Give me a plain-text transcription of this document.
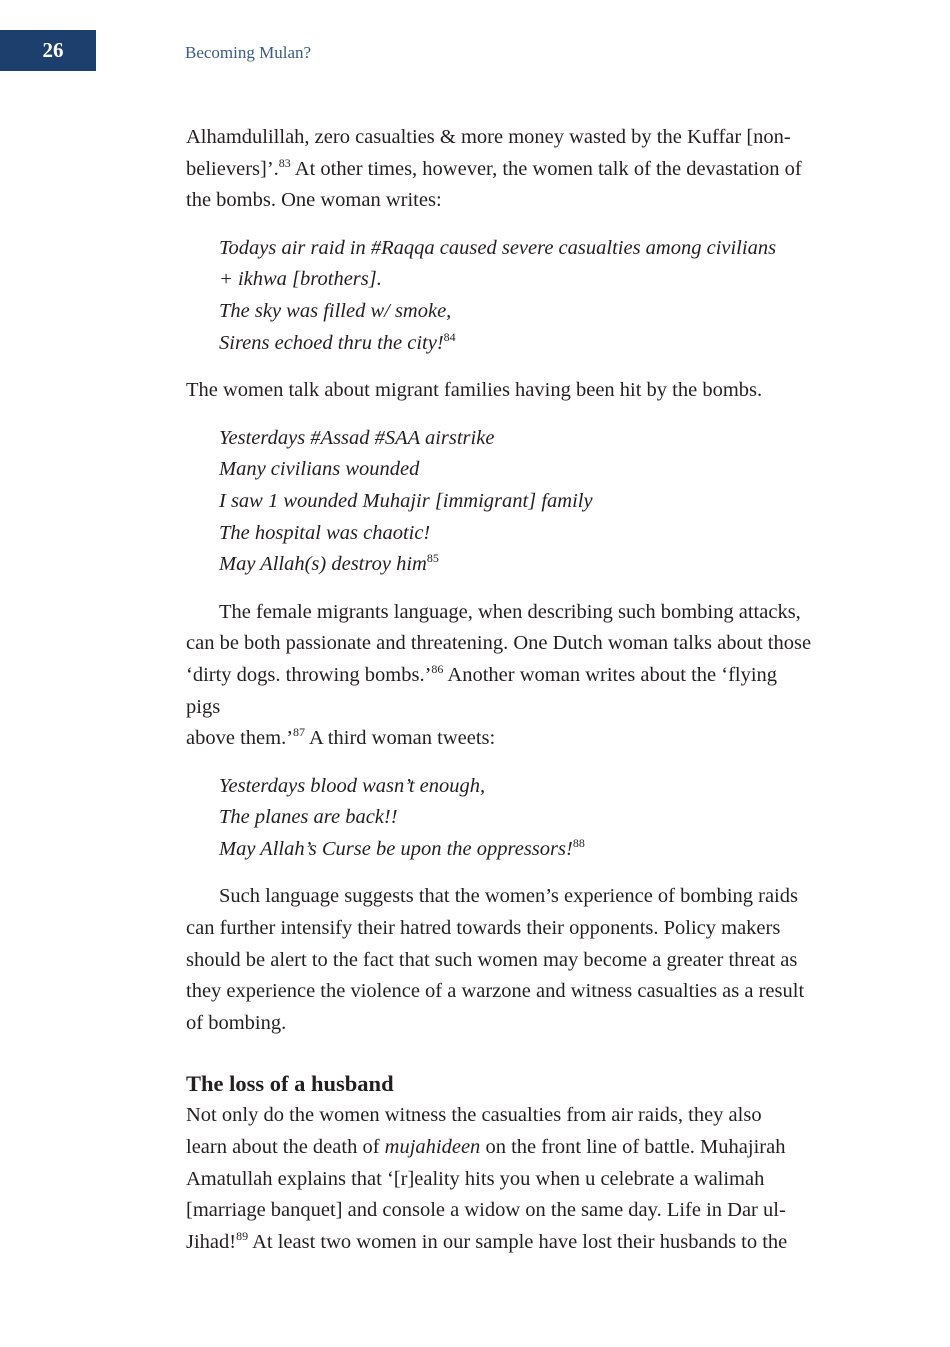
26	Becoming Mulan?

Alhamdulillah, zero casualties & more money wasted by the Kuffar [non-
believers]’.$^{83}$ At other times, however, the women talk of the devastation of
the bombs. One woman writes:

Todays air raid in #Raqqa caused severe casualties among civilians
+ ikhwa [brothers].
The sky was filled w/ smoke,
Sirens echoed thru the city!$^{84}$

The women talk about migrant families having been hit by the bombs.

Yesterdays #Assad #SAA airstrike
Many civilians wounded
I saw 1 wounded Muhajir [immigrant] family
The hospital was chaotic!
May Allah(s) destroy him$^{85}$

The female migrants language, when describing such bombing attacks,
can be both passionate and threatening. One Dutch woman talks about those
‘dirty dogs. throwing bombs.’$^{86}$ Another woman writes about the ‘flying pigs
above them.’$^{87}$ A third woman tweets:

Yesterdays blood wasn’t enough,
The planes are back!!
May Allah’s Curse be upon the oppressors!$^{88}$

Such language suggests that the women’s experience of bombing raids
can further intensify their hatred towards their opponents. Policy makers
should be alert to the fact that such women may become a greater threat as
they experience the violence of a warzone and witness casualties as a result
of bombing.

The loss of a husband

Not only do the women witness the casualties from air raids, they also
learn about the death of mujahideen on the front line of battle. Muhajirah
Amatullah explains that ‘[r]eality hits you when u celebrate a walimah
[marriage banquet] and console a widow on the same day. Life in Dar ul-
Jihad!$^{89}$ At least two women in our sample have lost their husbands to the
